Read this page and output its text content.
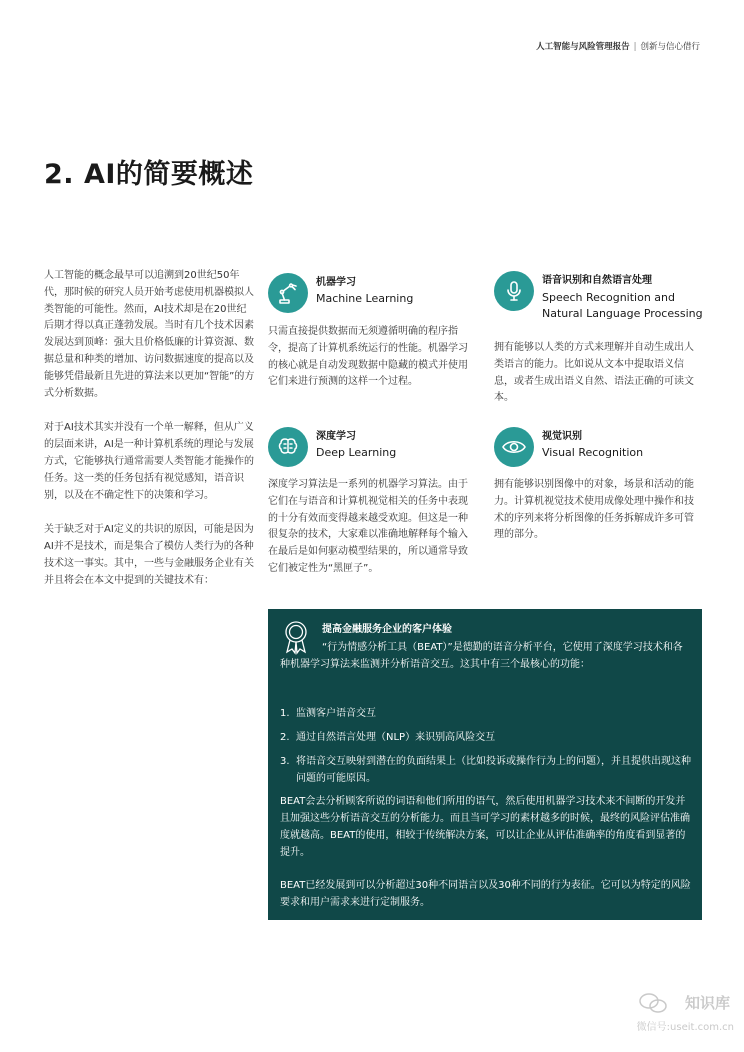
人工智能与风险管理报告 | 创新与信心借行
2. AI的简要概述

人工智能的概念最早可以追溯到20世纪50年代，那时候的研究人员开始考虑使用机器模拟人类智能的可能性。然而，AI技术却是在20世纪后期才得以真正蓬勃发展。当时有几个技术因素发展达到顶峰：强大且价格低廉的计算资源、数据总量和种类的增加、访问数据速度的提高以及能够凭借最新且先进的算法来以更加“智能”的方式分析数据。

对于AI技术其实并没有一个单一解释，但从广义的层面来讲，AI是一种计算机系统的理论与发展方式，它能够执行通常需要人类智能才能操作的任务。这一类的任务包括有视觉感知，语音识别，以及在不确定性下的决策和学习。

关于缺乏对于AI定义的共识的原因，可能是因为AI并不是技术，而是集合了模仿人类行为的各种技术这一事实。其中，一些与金融服务企业有关并且将会在本文中提到的关键技术有：

机器学习
Machine Learning
只需直接提供数据而无须遵循明确的程序指令，提高了计算机系统运行的性能。机器学习的核心就是自动发现数据中隐藏的模式并使用它们来进行预测的这样一个过程。
语音识别和自然语言处理
Speech Recognition and Natural Language Processing
拥有能够以人类的方式来理解并自动生成出人类语言的能力。比如说从文本中提取语义信息，或者生成出语义自然、语法正确的可读文本。
深度学习
Deep Learning
深度学习算法是一系列的机器学习算法。由于它们在与语音和计算机视觉相关的任务中表现的十分有效而变得越来越受欢迎。但这是一种很复杂的技术，大家难以准确地解释每个输入在最后是如何驱动模型结果的，所以通常导致它们被定性为“黑匣子”。
视觉识别
Visual Recognition
拥有能够识别图像中的对象，场景和活动的能力。计算机视觉技术使用成像处理中操作和技术的序列来将分析图像的任务拆解成许多可管理的部分。
提高金融服务企业的客户体验
“行为情感分析工具（BEAT）”是德勤的语音分析平台，它使用了深度学习技术和各种机器学习算法来监测并分析语音交互。这其中有三个最核心的功能：
1. 监测客户语音交互
2. 通过自然语言处理（NLP）来识别高风险交互
3. 将语音交互映射到潜在的负面结果上（比如投诉或操作行为上的问题），并且提供出现这种问题的可能原因。
BEAT会去分析顾客所说的词语和他们所用的语气，然后使用机器学习技术来不间断的开发并且加强这些分析语音交互的分析能力。而且当可学习的素材越多的时候，最终的风险评估准确度就越高。BEAT的使用，相较于传统解决方案，可以让企业从评估准确率的角度看到显著的提升。
BEAT已经发展到可以分析超过30种不同语言以及30种不同的行为表征。它可以为特定的风险要求和用户需求来进行定制服务。
知识库
微信号:useit.com.cn
